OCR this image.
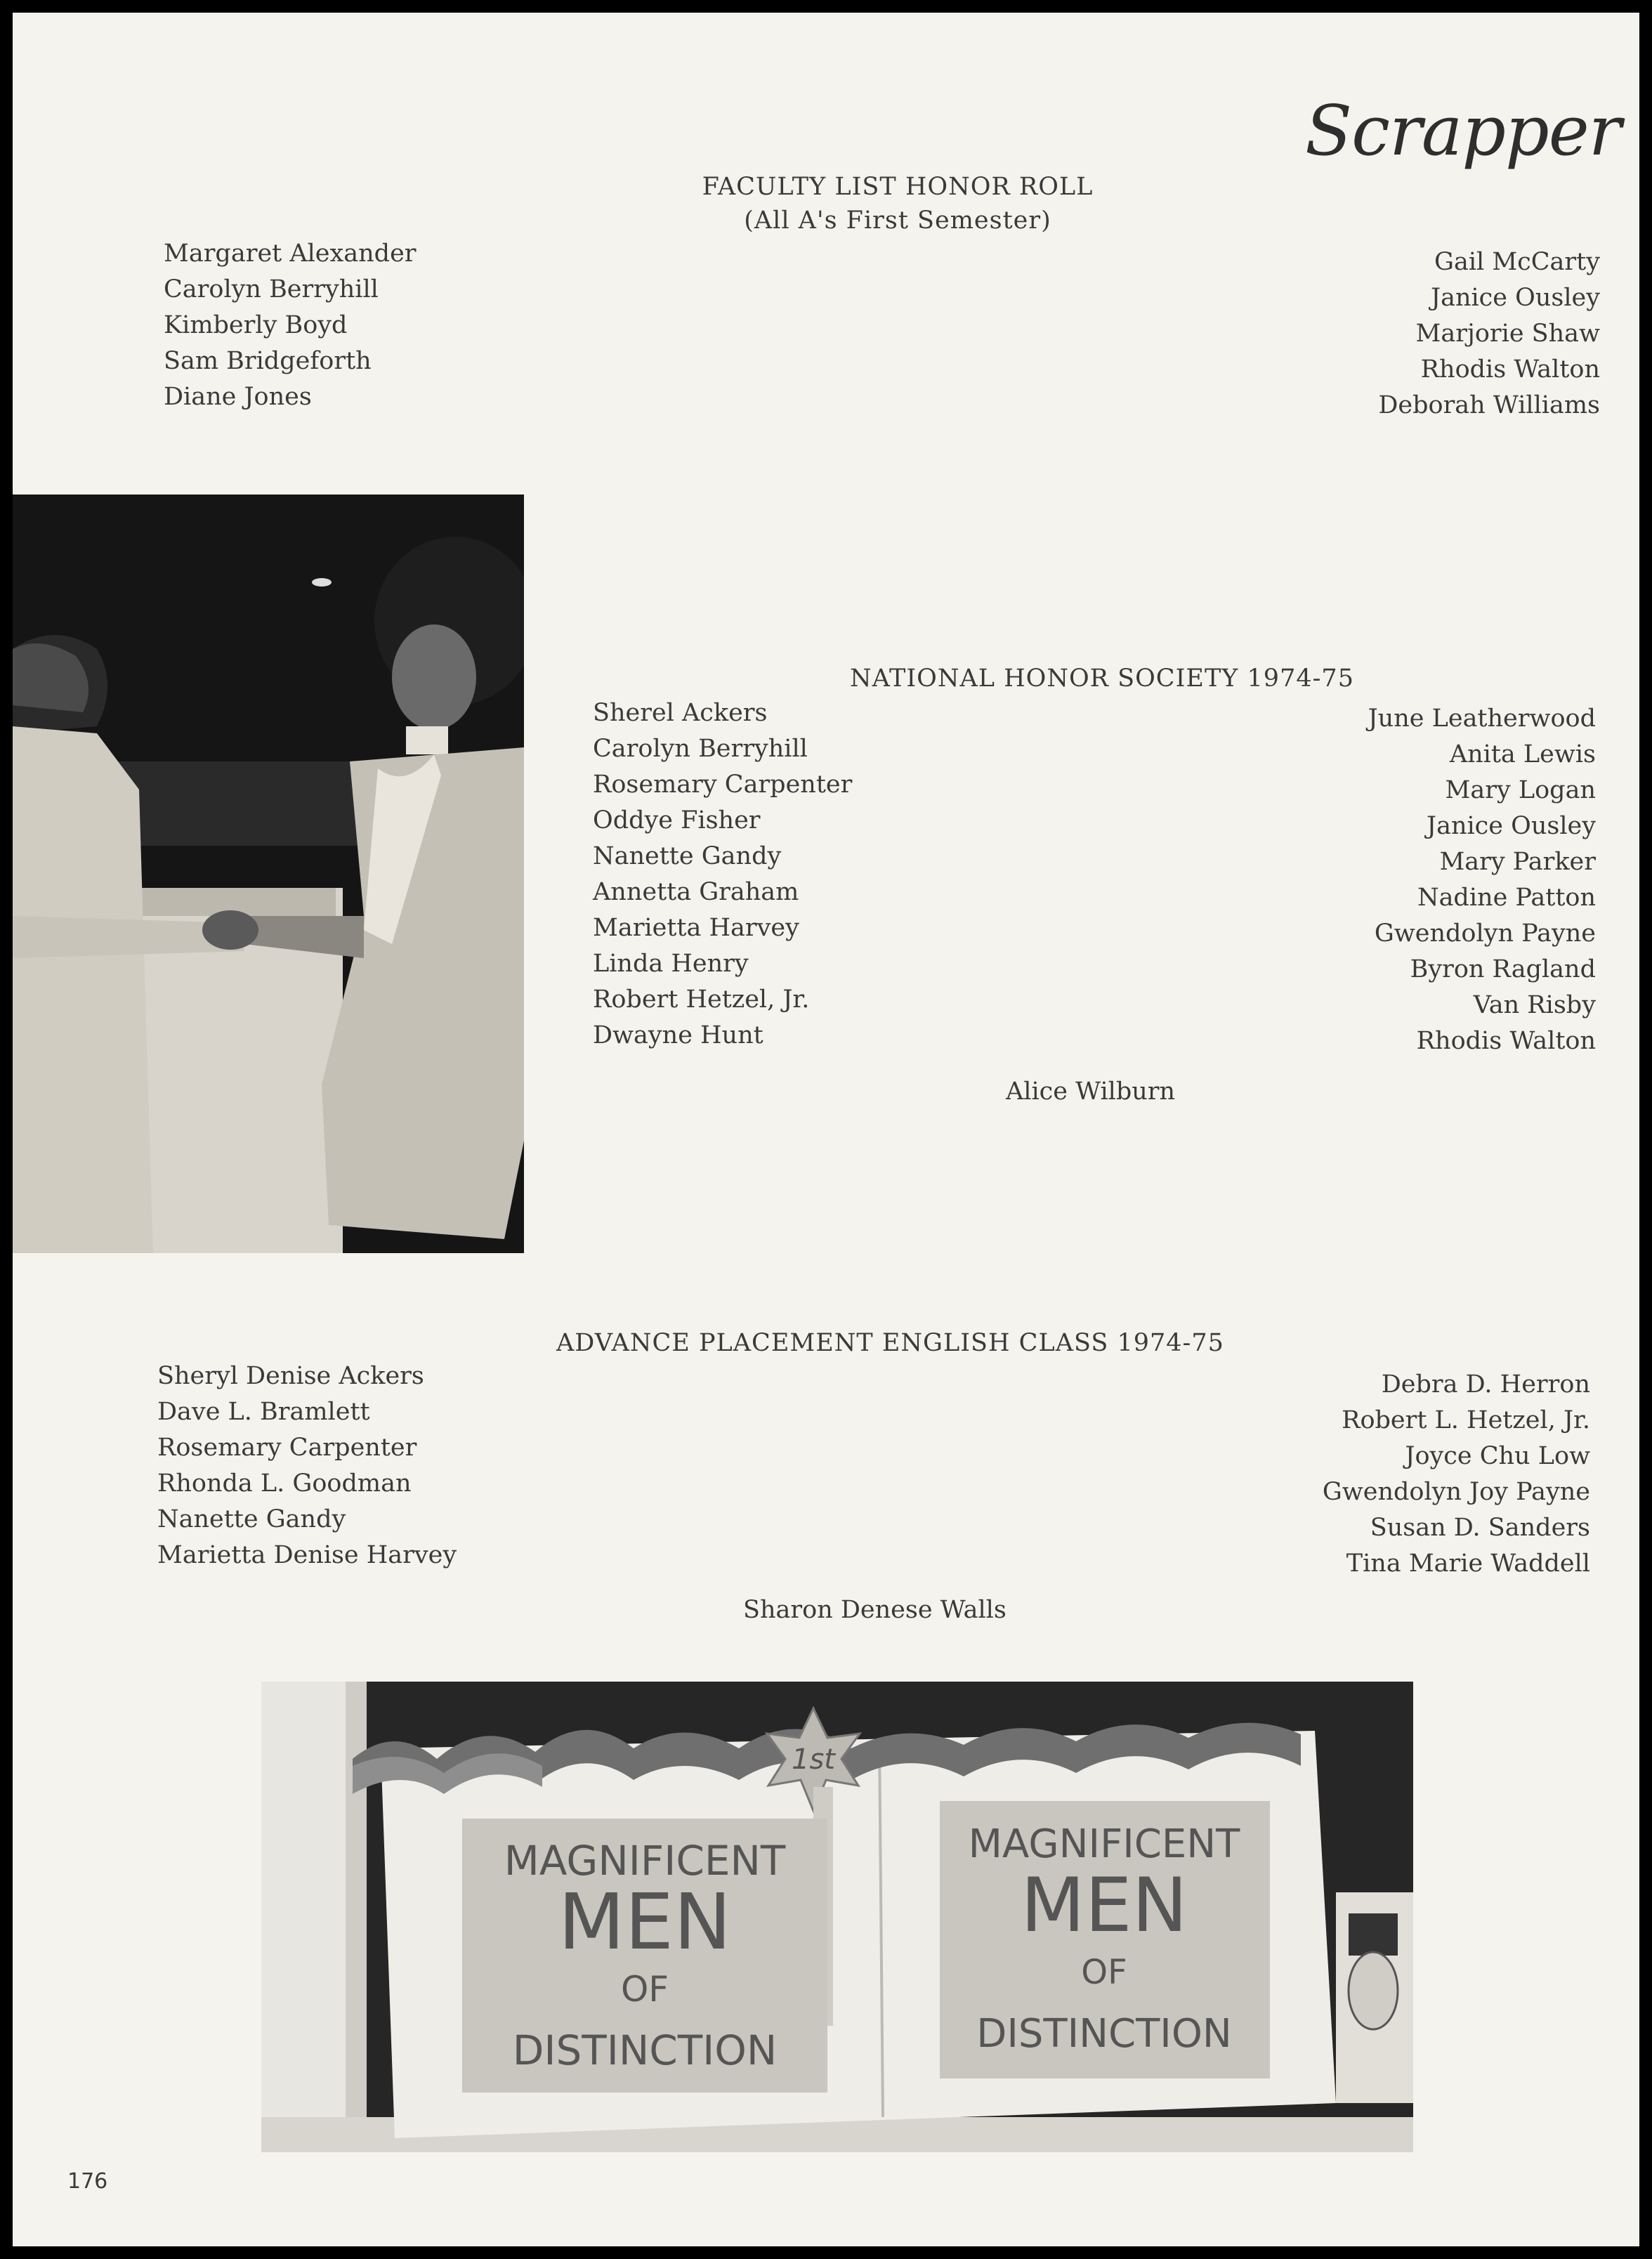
Scrapper
FACULTY LIST HONOR ROLL
(All A's First Semester)
Margaret Alexander
Carolyn Berryhill
Kimberly Boyd
Sam Bridgeforth
Diane Jones
Gail McCarty
Janice Ousley
Marjorie Shaw
Rhodis Walton
Deborah Williams
NATIONAL HONOR SOCIETY 1974-75
Sherel Ackers
Carolyn Berryhill
Rosemary Carpenter
Oddye Fisher
Nanette Gandy
Annetta Graham
Marietta Harvey
Linda Henry
Robert Hetzel, Jr.
Dwayne Hunt
June Leatherwood
Anita Lewis
Mary Logan
Janice Ousley
Mary Parker
Nadine Patton
Gwendolyn Payne
Byron Ragland
Van Risby
Rhodis Walton
Alice Wilburn
ADVANCE PLACEMENT ENGLISH CLASS 1974-75
Sheryl Denise Ackers
Dave L. Bramlett
Rosemary Carpenter
Rhonda L. Goodman
Nanette Gandy
Marietta Denise Harvey
Debra D. Herron
Robert L. Hetzel, Jr.
Joyce Chu Low
Gwendolyn Joy Payne
Susan D. Sanders
Tina Marie Waddell
Sharon Denese Walls
1st
MAGNIFICENT
MEN
OF
DISTINCTION
MAGNIFICENT
MEN
OF
DISTINCTION
176
